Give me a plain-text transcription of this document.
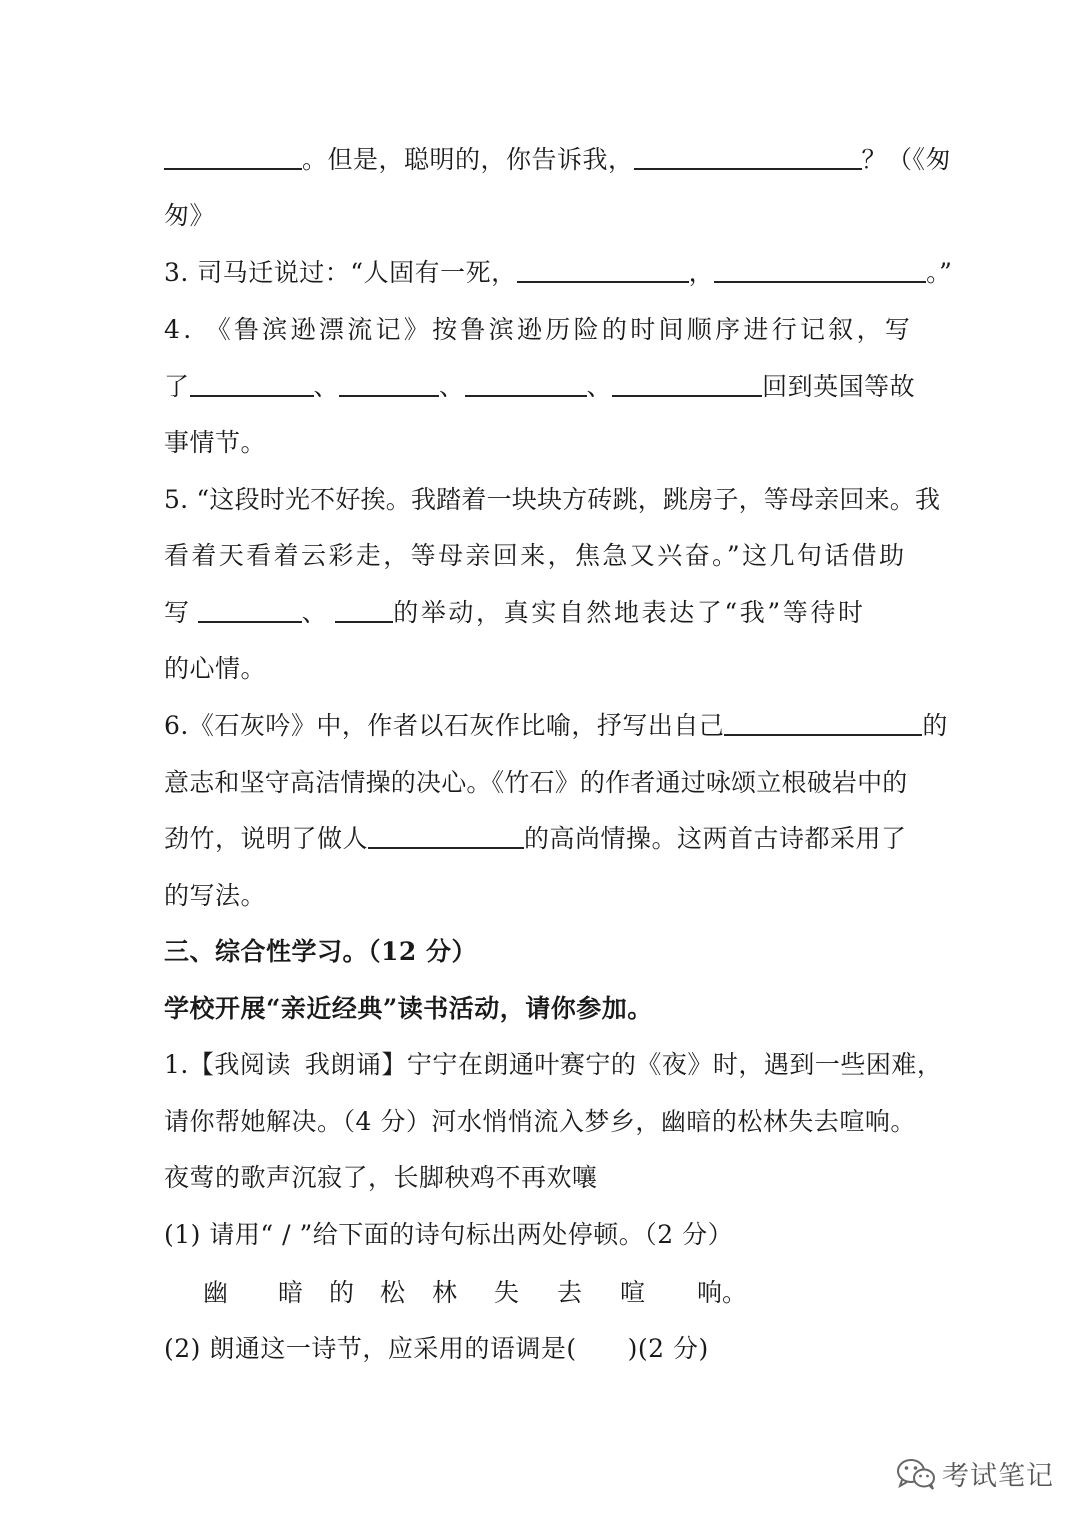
。但是，聪明的，你告诉我，	？（《匆
匆》
3. 司马迁说过：“人固有一死，	，	。”
4. 《鲁滨逊漂流记》按鲁滨逊历险的时间顺序进行记叙，写
了	、	、	、	回到英国等故
事情节。
5. “这段时光不好挨。我踏着一块块方砖跳，跳房子，等母亲回来。我
看着天看着云彩走，等母亲回来，焦急又兴奋。”这几句话借助
写	、	的举动，真实自然地表达了“我”等待时
的心情。
6.《石灰吟》中，作者以石灰作比喻，抒写出自己	的
意志和坚守高洁情操的决心。《竹石》的作者通过咏颂立根破岩中的
劲竹，说明了做人	的高尚情操。这两首古诗都采用了
的写法。
三、综合性学习。（12 分）
学校开展“亲近经典”读书活动，请你参加。
1.【我阅读 我朗诵】宁宁在朗通叶赛宁的《夜》时，遇到一些困难，
请你帮她解决。（4 分）河水悄悄流入梦乡，幽暗的松林失去喧响。
夜莺的歌声沉寂了，长脚秧鸡不再欢嚷
(1) 请用“ / ”给下面的诗句标出两处停顿。（2 分）
幽 暗 的 松 林 失 去 喧 响。
(2) 朗通这一诗节，应采用的语调是(　　)(2 分)
考试笔记
